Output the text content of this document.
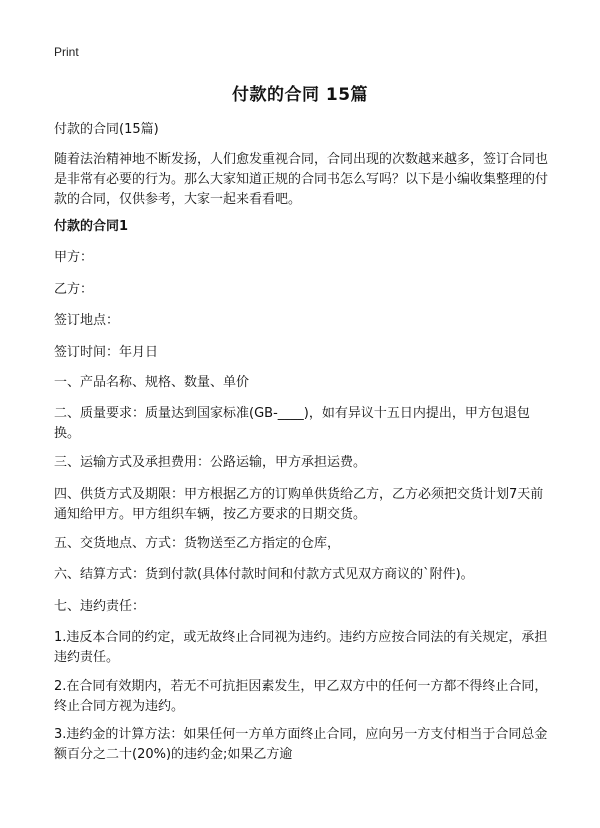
Print
付款的合同 15篇

付款的合同(15篇)

随着法治精神地不断发扬，人们愈发重视合同，合同出现的次数越来越多，签订合同也是非常有必要的行为。那么大家知道正规的合同书怎么写吗？以下是小编收集整理的付款的合同，仅供参考，大家一起来看看吧。

付款的合同1

甲方：

乙方：

签订地点：

签订时间：年月日

一、产品名称、规格、数量、单价

二、质量要求：质量达到国家标准(GB-____)，如有异议十五日内提出，甲方包退包换。

三、运输方式及承担费用：公路运输，甲方承担运费。

四、供货方式及期限：甲方根据乙方的订购单供货给乙方，乙方必须把交货计划7天前通知给甲方。甲方组织车辆，按乙方要求的日期交货。

五、交货地点、方式：货物送至乙方指定的仓库，

六、结算方式：货到付款(具体付款时间和付款方式见双方商议的`附件)。

七、违约责任：

1.违反本合同的约定，或无故终止合同视为违约。违约方应按合同法的有关规定，承担违约责任。

2.在合同有效期内，若无不可抗拒因素发生，甲乙双方中的任何一方都不得终止合同，终止合同方视为违约。

3.违约金的计算方法：如果任何一方单方面终止合同，应向另一方支付相当于合同总金额百分之二十(20%)的违约金;如果乙方逾
